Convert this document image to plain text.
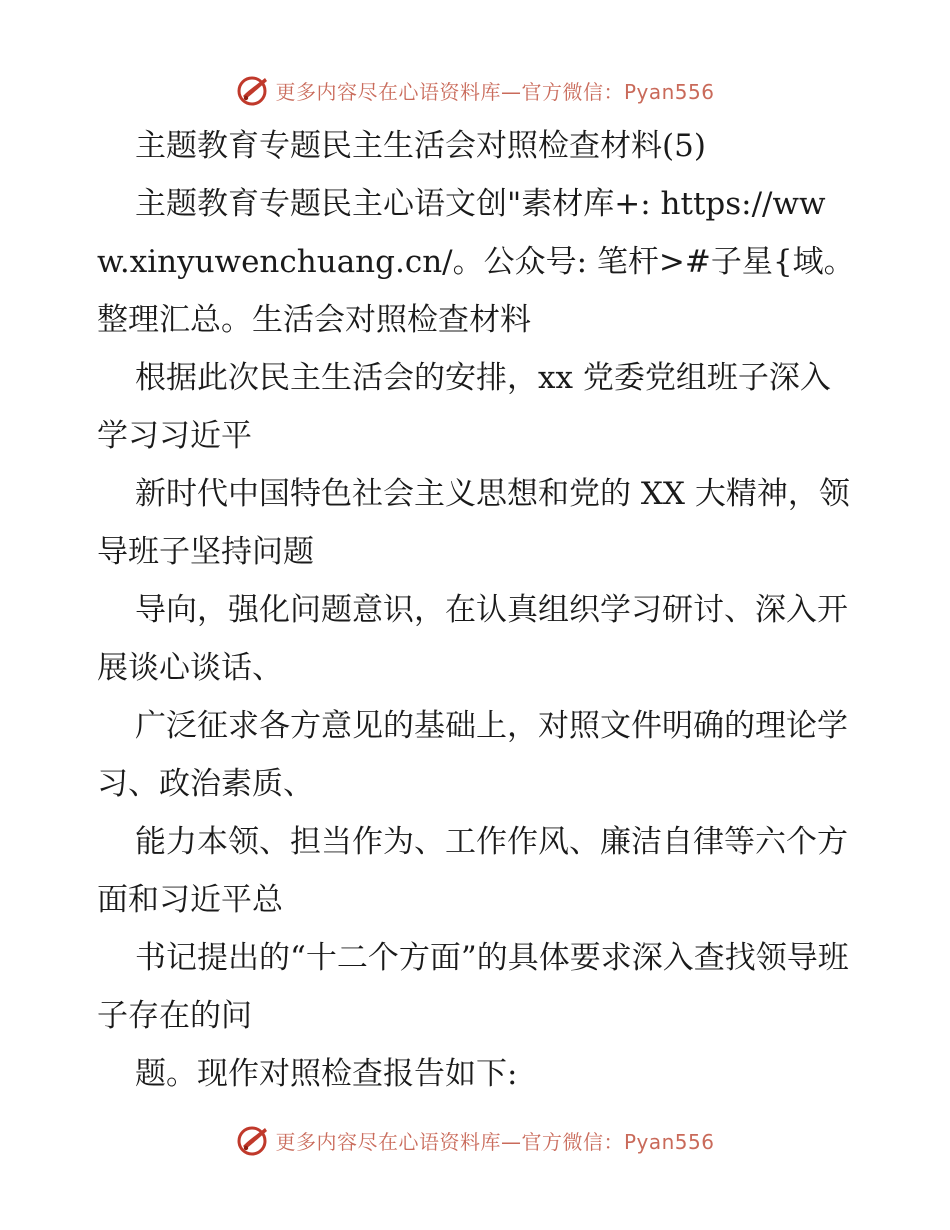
更多内容尽在心语资料库—官方微信：Pyan556

主题教育专题民主生活会对照检查材料(5)

主题教育专题民主心语文创"素材库+: https://www.xinyuwenchuang.cn/。公众号: 笔杆>#子星{域。整理汇总。生活会对照检查材料

根据此次民主生活会的安排，xx 党委党组班子深入学习习近平

新时代中国特色社会主义思想和党的 XX 大精神，领导班子坚持问题

导向，强化问题意识，在认真组织学习研讨、深入开展谈心谈话、

广泛征求各方意见的基础上，对照文件明确的理论学习、政治素质、

能力本领、担当作为、工作作风、廉洁自律等六个方面和习近平总

书记提出的“十二个方面”的具体要求深入查找领导班子存在的问

题。现作对照检查报告如下:

更多内容尽在心语资料库—官方微信：Pyan556
